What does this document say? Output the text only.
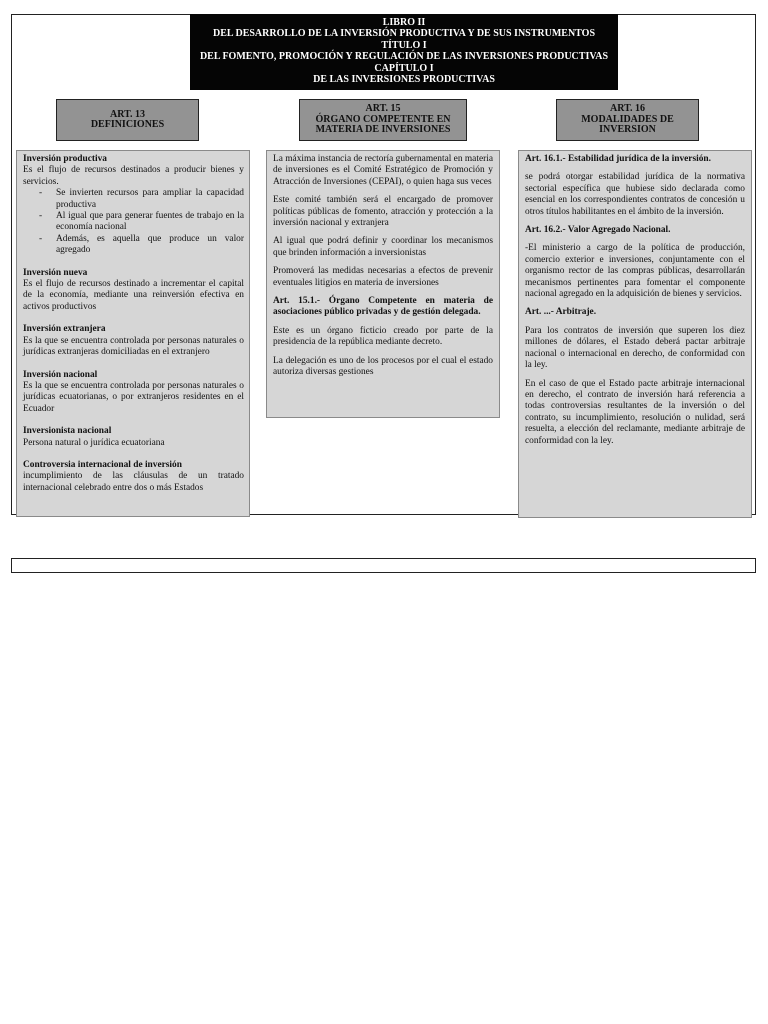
LIBRO II
DEL DESARROLLO DE LA INVERSIÓN PRODUCTIVA Y DE SUS INSTRUMENTOS
TÍTULO I
DEL FOMENTO, PROMOCIÓN Y REGULACIÓN DE LAS INVERSIONES PRODUCTIVAS
CAPÍTULO I
DE LAS INVERSIONES PRODUCTIVAS
ART. 13
DEFINICIONES
ART. 15
ÓRGANO COMPETENTE EN
MATERIA DE INVERSIONES
ART. 16
MODALIDADES DE
INVERSION

Inversión productiva

Es el flujo de recursos destinados a producir bienes y servicios.

- Se invierten recursos para ampliar la capacidad productiva
- Al igual que para generar fuentes de trabajo en la economía nacional
- Además, es aquella que produce un valor agregado

Inversión nueva

Es el flujo de recursos destinado a incrementar el capital de la economía, mediante una reinversión efectiva en activos productivos

Inversión extranjera

Es la que se encuentra controlada por personas naturales o jurídicas extranjeras domiciliadas en el extranjero

Inversión nacional

Es la que se encuentra controlada por personas naturales o jurídicas ecuatorianas, o por extranjeros residentes en el Ecuador

Inversionista nacional

Persona natural o jurídica ecuatoriana

Controversia internacional de inversión

incumplimiento de las cláusulas de un tratado internacional celebrado entre dos o más Estados

La máxima instancia de rectoría gubernamental en materia de inversiones es el Comité Estratégico de Promoción y Atracción de Inversiones (CEPAI), o quien haga sus veces

Este comité también será el encargado de promover políticas públicas de fomento, atracción y protección a la inversión nacional y extranjera

Al igual que podrá definir y coordinar los mecanismos que brinden información a inversionistas

Promoverá las medidas necesarias a efectos de prevenir eventuales litigios en materia de inversiones

Art. 15.1.- Órgano Competente en materia de asociaciones público privadas y de gestión delegada.

Este es un órgano ficticio creado por parte de la presidencia de la república mediante decreto.

La delegación es uno de los procesos por el cual el estado autoriza diversas gestiones

Art. 16.1.- Estabilidad jurídica de la inversión.

se podrá otorgar estabilidad jurídica de la normativa sectorial específica que hubiese sido declarada como esencial en los correspondientes contratos de concesión u otros títulos habilitantes en el ámbito de la inversión.

Art. 16.2.- Valor Agregado Nacional.

-El ministerio a cargo de la política de producción, comercio exterior e inversiones, conjuntamente con el organismo rector de las compras públicas, desarrollarán mecanismos pertinentes para fomentar el componente nacional agregado en la adquisición de bienes y servicios.

Art. ...- Arbitraje.

Para los contratos de inversión que superen los diez millones de dólares, el Estado deberá pactar arbitraje nacional o internacional en derecho, de conformidad con la ley.

En el caso de que el Estado pacte arbitraje internacional en derecho, el contrato de inversión hará referencia a todas controversias resultantes de la inversión o del contrato, su incumplimiento, resolución o nulidad, será resuelta, a elección del reclamante, mediante arbitraje de conformidad con la ley.
